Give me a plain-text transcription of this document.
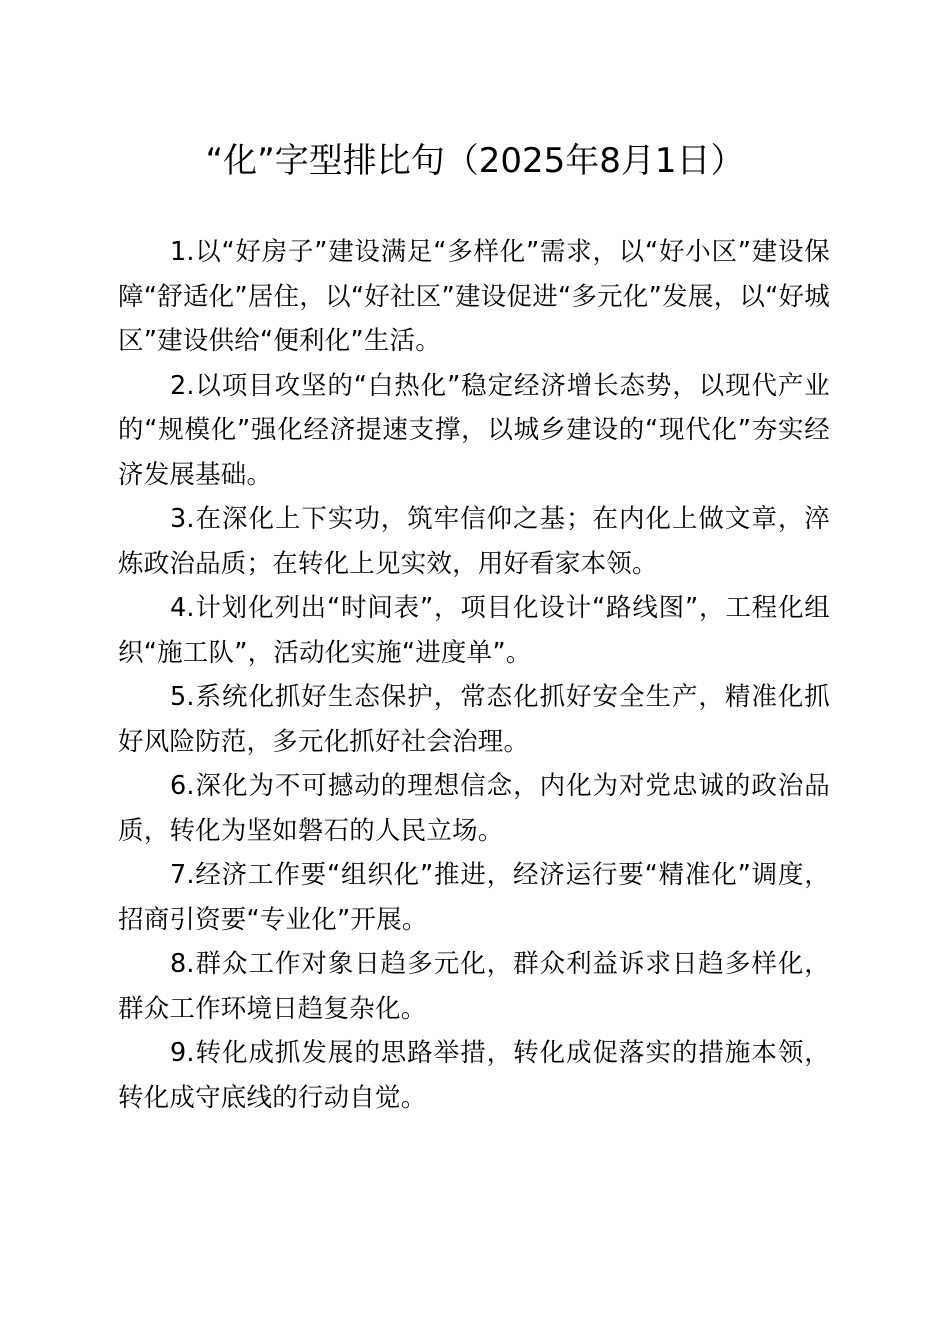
“化”字型排比句（2025年8月1日）

1.以“好房子”建设满足“多样化”需求，以“好小区”建设保障“舒适化”居住，以“好社区”建设促进“多元化”发展，以“好城区”建设供给“便利化”生活。

2.以项目攻坚的“白热化”稳定经济增长态势，以现代产业的“规模化”强化经济提速支撑，以城乡建设的“现代化”夯实经济发展基础。

3.在深化上下实功，筑牢信仰之基；在内化上做文章，淬炼政治品质；在转化上见实效，用好看家本领。

4.计划化列出“时间表”，项目化设计“路线图”，工程化组织“施工队”，活动化实施“进度单”。

5.系统化抓好生态保护，常态化抓好安全生产，精准化抓好风险防范，多元化抓好社会治理。

6.深化为不可撼动的理想信念，内化为对党忠诚的政治品质，转化为坚如磐石的人民立场。

7.经济工作要“组织化”推进，经济运行要“精准化”调度，招商引资要“专业化”开展。

8.群众工作对象日趋多元化，群众利益诉求日趋多样化，群众工作环境日趋复杂化。

9.转化成抓发展的思路举措，转化成促落实的措施本领，转化成守底线的行动自觉。
